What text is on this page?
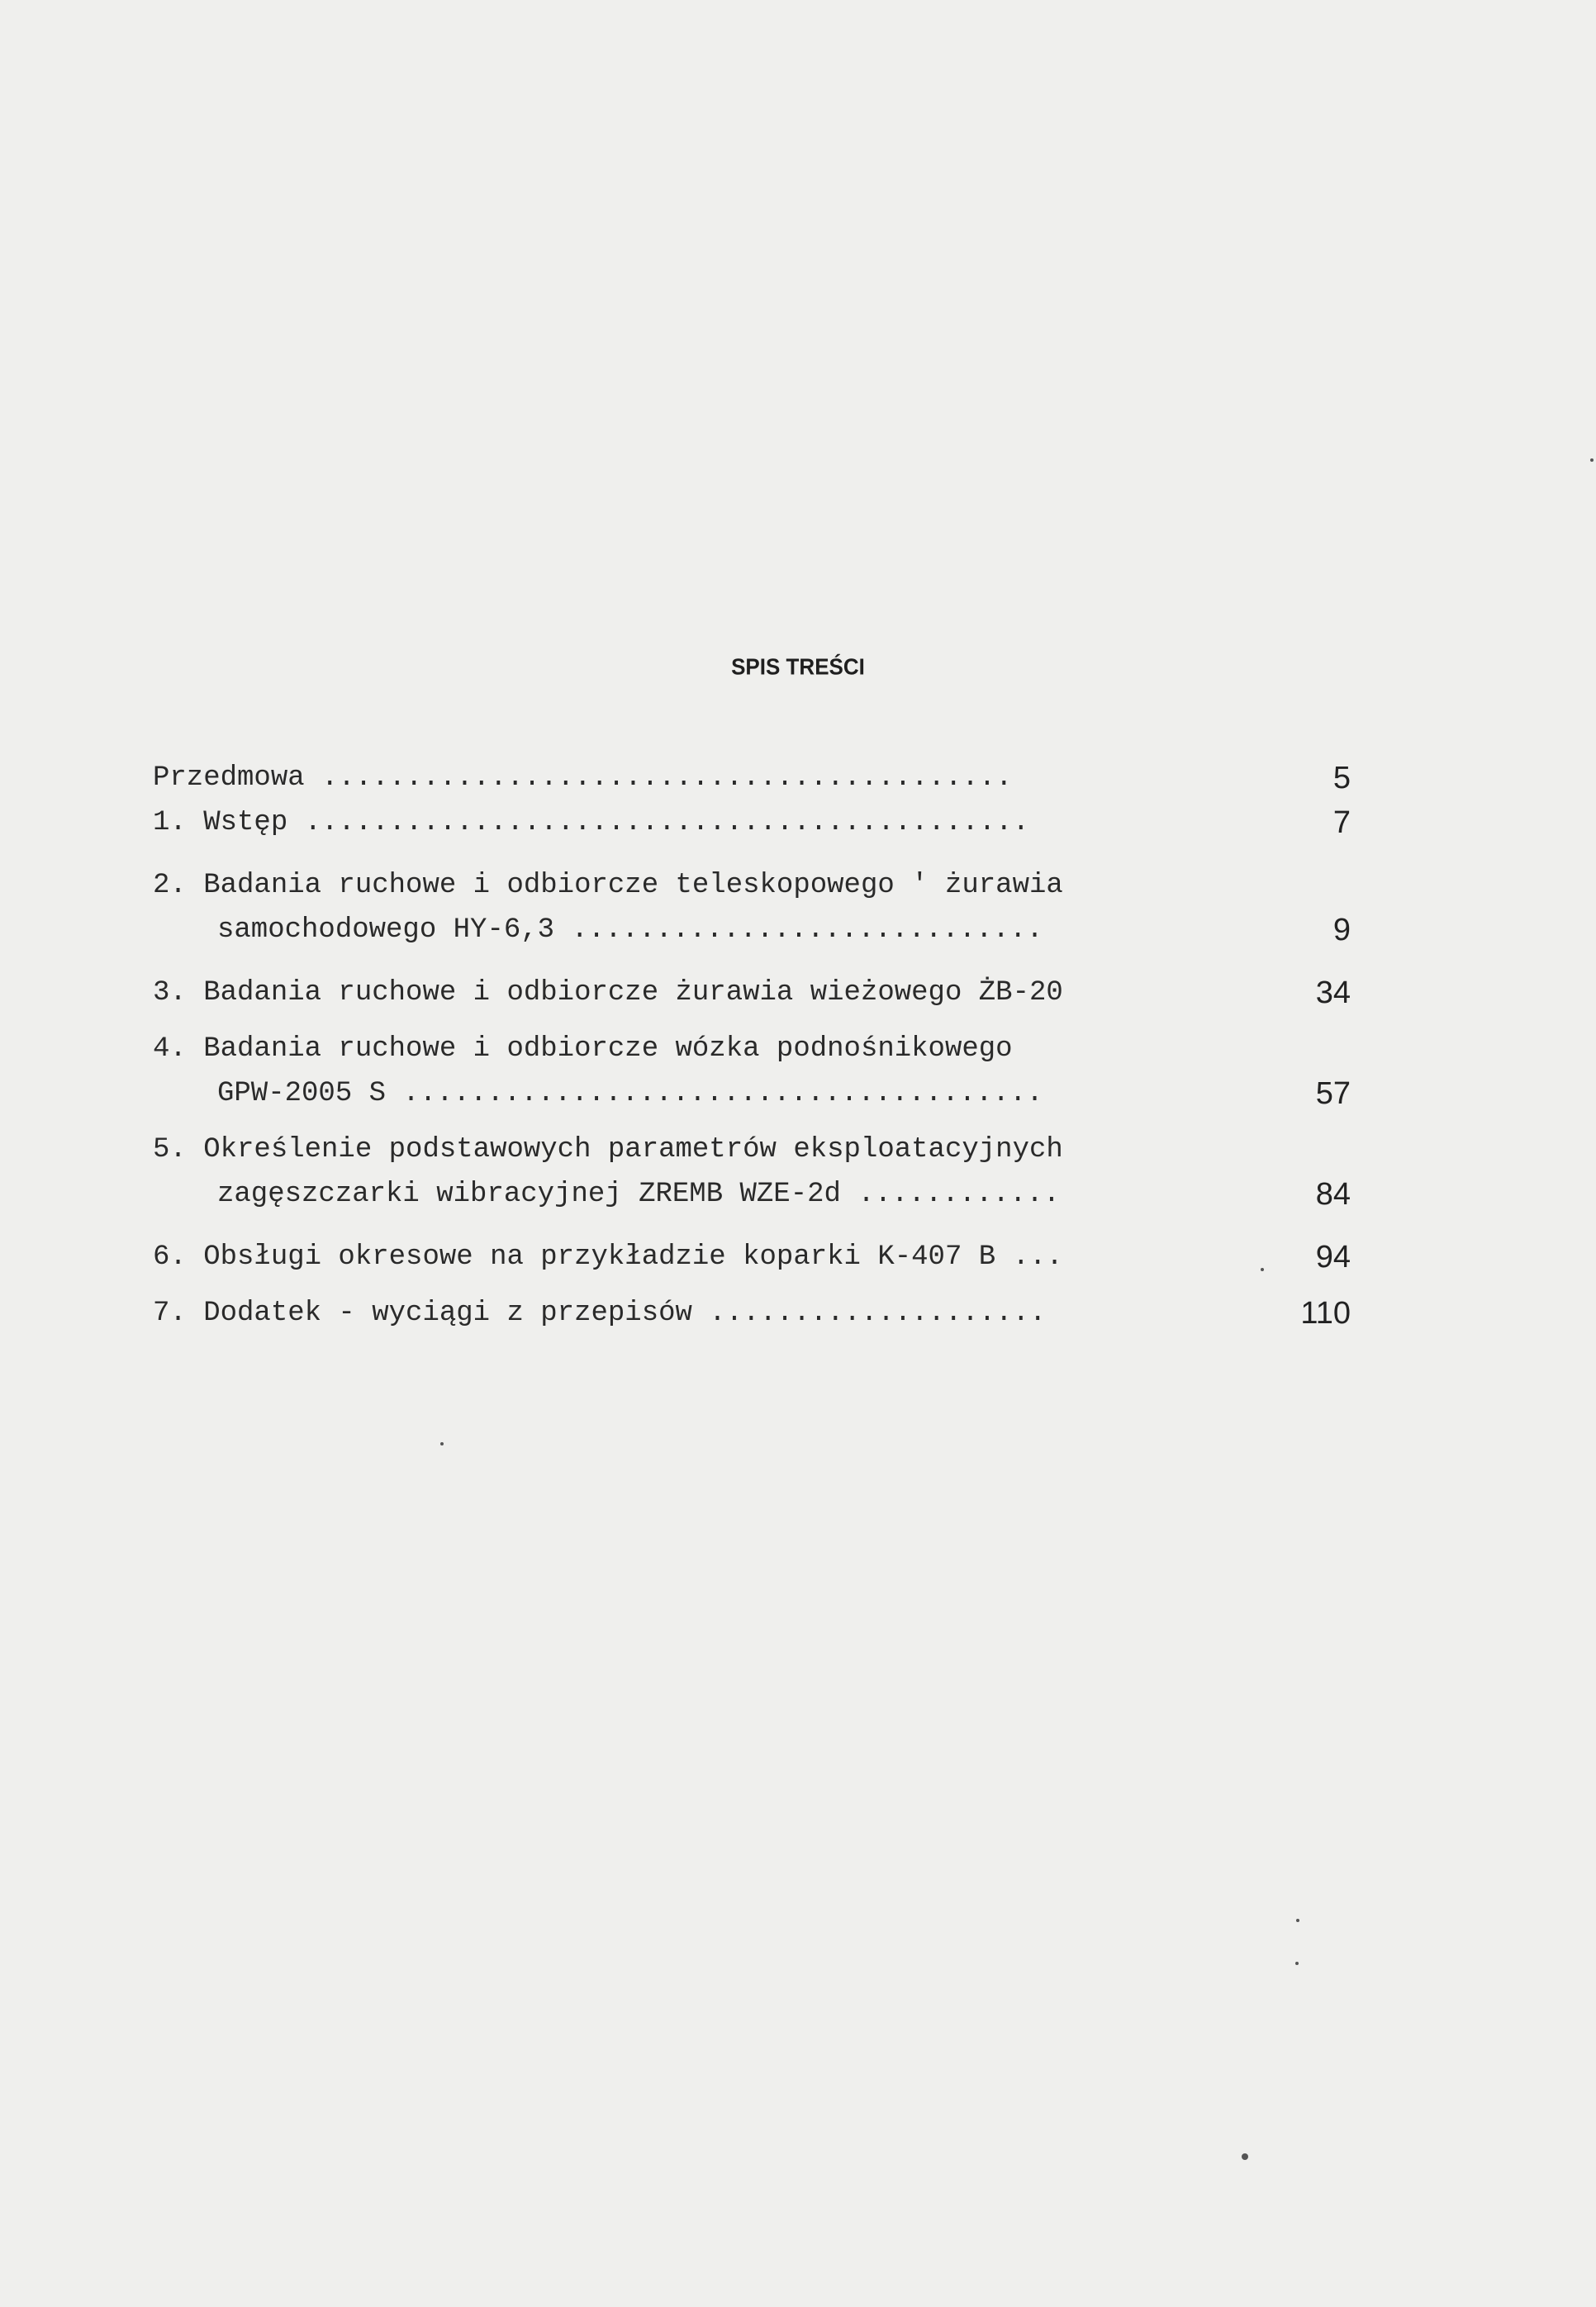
SPIS TREŚCI
Przedmowa .........................................	5
1. Wstęp ...........................................	7
2. Badania ruchowe i odbiorcze teleskopowego ' żurawia
samochodowego HY-6,3 ............................	9
3. Badania ruchowe i odbiorcze żurawia wieżowego ŻB-20	34
4. Badania ruchowe i odbiorcze wózka podnośnikowego
GPW-2005 S ......................................	57
5. Określenie podstawowych parametrów eksploatacyjnych
zagęszczarki wibracyjnej ZREMB WZE-2d ............	84
6. Obsługi okresowe na przykładzie koparki K-407 B ...	94
7. Dodatek - wyciągi z przepisów ....................	110
